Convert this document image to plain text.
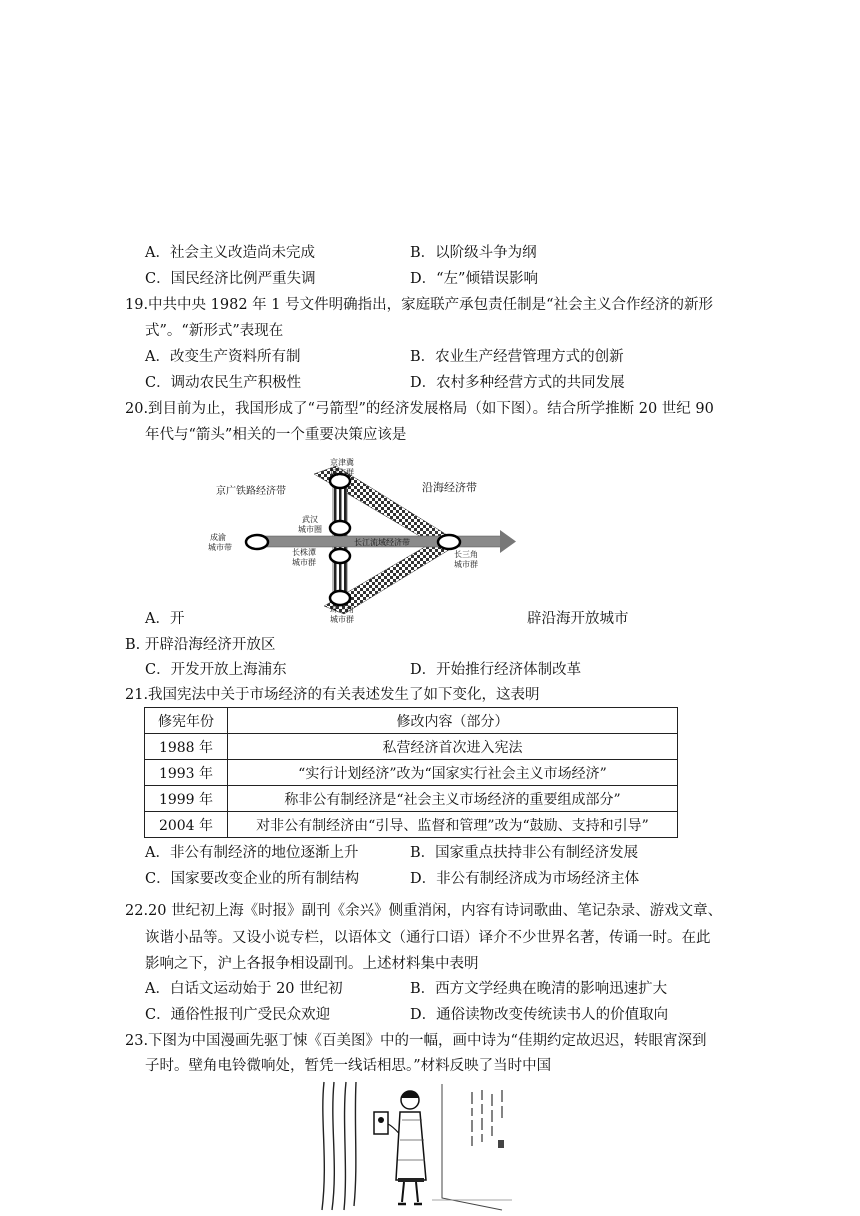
A．社会主义改造尚未完成	B．以阶级斗争为纲
C．国民经济比例严重失调	D．“左”倾错误影响
19.中共中央 1982 年 1 号文件明确指出，家庭联产承包责任制是“社会主义合作经济的新形
式”。“新形式”表现在
A．改变生产资料所有制	B．农业生产经营管理方式的创新
C．调动农民生产积极性	D．农村多种经营方式的共同发展
20.到目前为止，我国形成了“弓箭型”的经济发展格局（如下图）。结合所学推断 20 世纪 90
年代与“箭头”相关的一个重要决策应该是
京津冀
城市群
京广铁路经济带	沿海经济带
武汉
城市圈
成渝
城市带
长江流域经济带
长株潭
城市群
长三角
城市群
珠三角
城市群
A．开	辟沿海开放城市
B. 开辟沿海经济开放区
C．开发开放上海浦东	D．开始推行经济体制改革
21.我国宪法中关于市场经济的有关表述发生了如下变化，这表明
修宪年份	修改内容（部分）
1988 年	私营经济首次进入宪法
1993 年	“实行计划经济”改为“国家实行社会主义市场经济”
1999 年	称非公有制经济是“社会主义市场经济的重要组成部分”
2004 年	对非公有制经济由“引导、监督和管理”改为“鼓励、支持和引导”
A．非公有制经济的地位逐渐上升	B．国家重点扶持非公有制经济发展
C．国家要改变企业的所有制结构	D．非公有制经济成为市场经济主体
22.20 世纪初上海《时报》副刊《余兴》侧重消闲，内容有诗词歌曲、笔记杂录、游戏文章、
诙谐小品等。又设小说专栏，以语体文（通行口语）译介不少世界名著，传诵一时。在此
影响之下，沪上各报争相设副刊。上述材料集中表明
A．白话文运动始于 20 世纪初	B．西方文学经典在晚清的影响迅速扩大
C．通俗性报刊广受民众欢迎	D．通俗读物改变传统读书人的价值取向
23.下图为中国漫画先驱丁悚《百美图》中的一幅，画中诗为“佳期约定故迟迟，转眼宵深到
子时。壁角电铃微响处，暂凭一线话相思。”材料反映了当时中国
